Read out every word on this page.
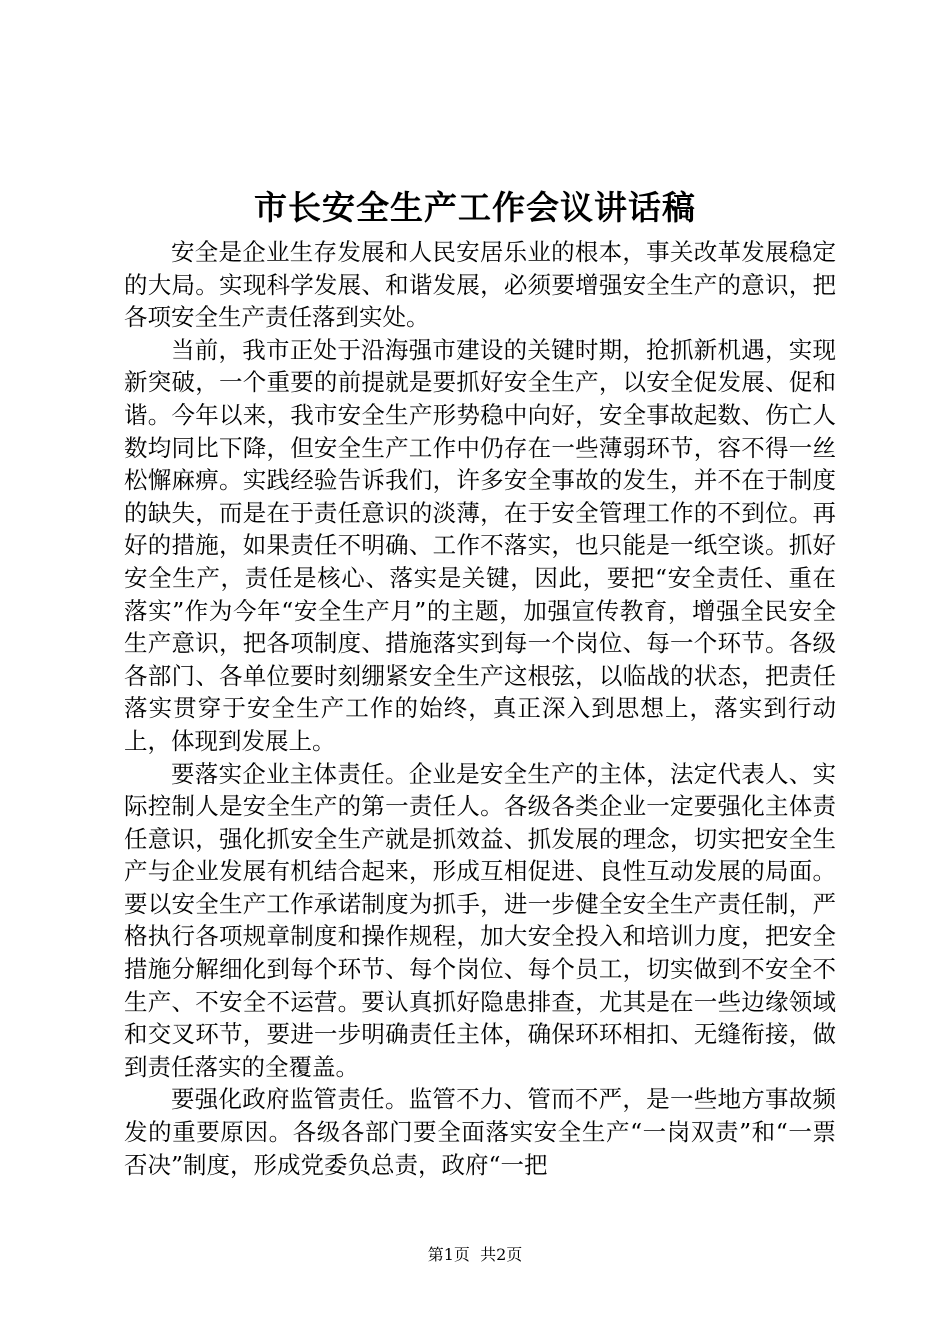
市长安全生产工作会议讲话稿

安全是企业生存发展和人民安居乐业的根本，事关改革发展稳定的大局。实现科学发展、和谐发展，必须要增强安全生产的意识，把各项安全生产责任落到实处。

当前，我市正处于沿海强市建设的关键时期，抢抓新机遇，实现新突破，一个重要的前提就是要抓好安全生产，以安全促发展、促和谐。今年以来，我市安全生产形势稳中向好，安全事故起数、伤亡人数均同比下降，但安全生产工作中仍存在一些薄弱环节，容不得一丝松懈麻痹。实践经验告诉我们，许多安全事故的发生，并不在于制度的缺失，而是在于责任意识的淡薄，在于安全管理工作的不到位。再好的措施，如果责任不明确、工作不落实，也只能是一纸空谈。抓好安全生产，责任是核心、落实是关键，因此，要把“安全责任、重在落实”作为今年“安全生产月”的主题，加强宣传教育，增强全民安全生产意识，把各项制度、措施落实到每一个岗位、每一个环节。各级各部门、各单位要时刻绷紧安全生产这根弦，以临战的状态，把责任落实贯穿于安全生产工作的始终，真正深入到思想上，落实到行动上，体现到发展上。

要落实企业主体责任。企业是安全生产的主体，法定代表人、实际控制人是安全生产的第一责任人。各级各类企业一定要强化主体责任意识，强化抓安全生产就是抓效益、抓发展的理念，切实把安全生产与企业发展有机结合起来，形成互相促进、良性互动发展的局面。要以安全生产工作承诺制度为抓手，进一步健全安全生产责任制，严格执行各项规章制度和操作规程，加大安全投入和培训力度，把安全措施分解细化到每个环节、每个岗位、每个员工，切实做到不安全不生产、不安全不运营。要认真抓好隐患排查，尤其是在一些边缘领域和交叉环节，要进一步明确责任主体，确保环环相扣、无缝衔接，做到责任落实的全覆盖。

要强化政府监管责任。监管不力、管而不严，是一些地方事故频发的重要原因。各级各部门要全面落实安全生产“一岗双责”和“一票否决”制度，形成党委负总责，政府“一把

第1页  共2页
